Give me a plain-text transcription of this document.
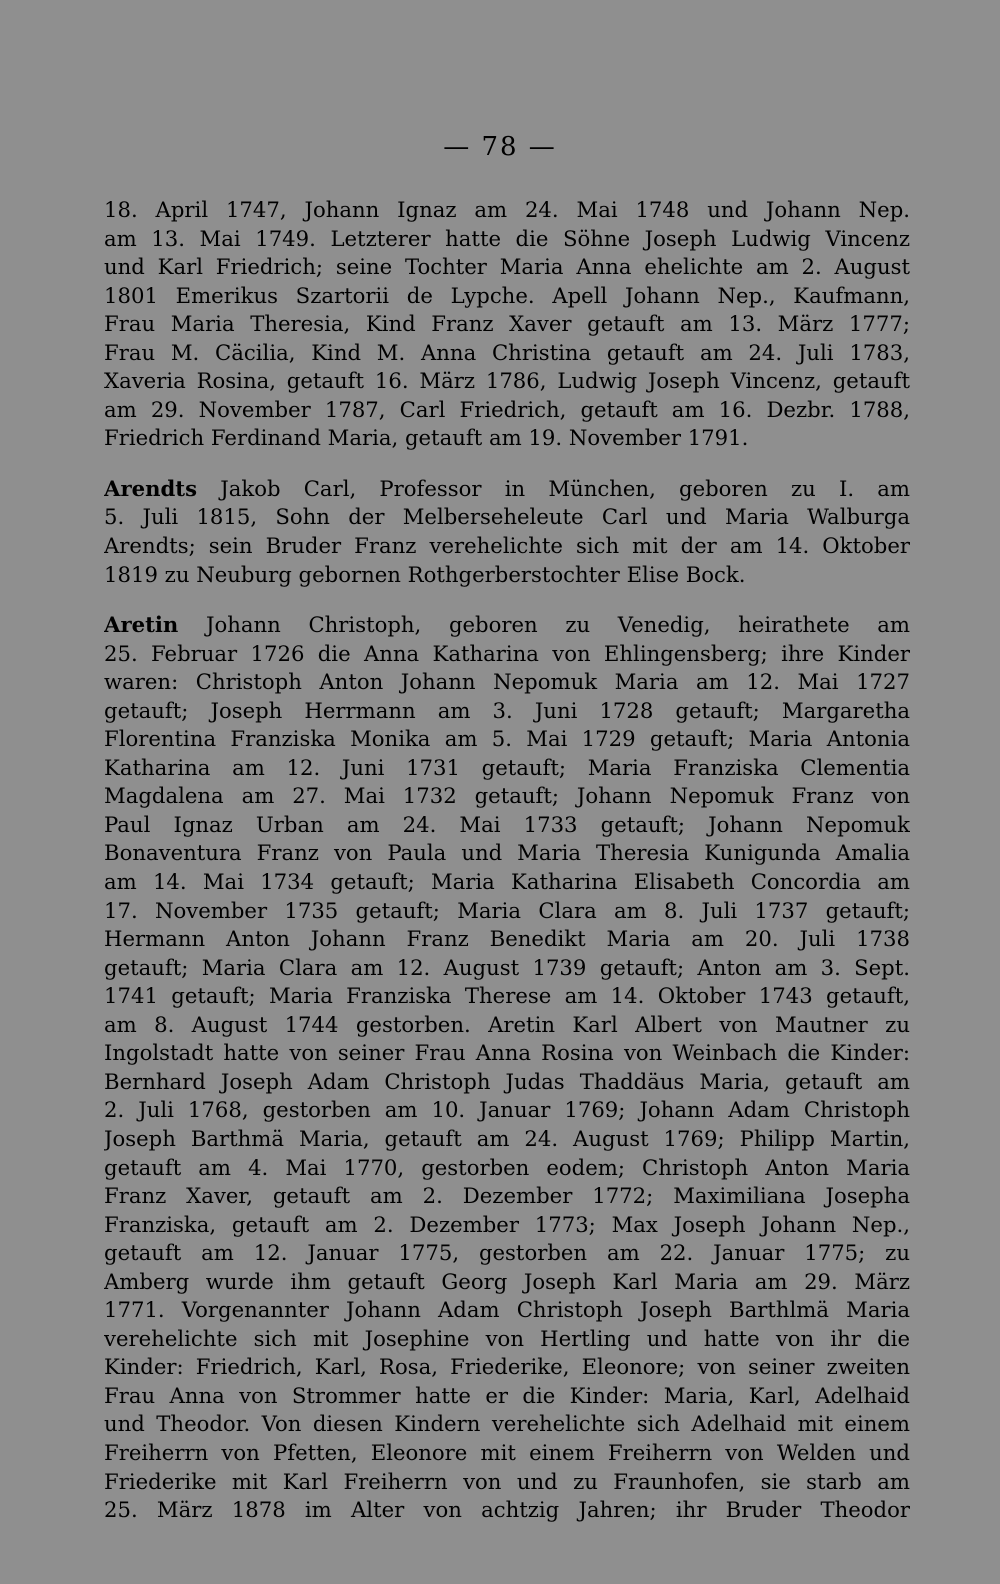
— 78 —
18. April 1747, Johann Ignaz am 24. Mai 1748 und Johann Nep.
am 13. Mai 1749. Letzterer hatte die Söhne Joseph Ludwig Vincenz
und Karl Friedrich; seine Tochter Maria Anna ehelichte am 2. August
1801 Emerikus Szartorii de Lypche. Apell Johann Nep., Kaufmann,
Frau Maria Theresia, Kind Franz Xaver getauft am 13. März 1777;
Frau M. Cäcilia, Kind M. Anna Christina getauft am 24. Juli 1783,
Xaveria Rosina, getauft 16. März 1786, Ludwig Joseph Vincenz, getauft
am 29. November 1787, Carl Friedrich, getauft am 16. Dezbr. 1788,
Friedrich Ferdinand Maria, getauft am 19. November 1791.
Arendts Jakob Carl, Professor in München, geboren zu I. am
5. Juli 1815, Sohn der Melberseheleute Carl und Maria Walburga
Arendts; sein Bruder Franz verehelichte sich mit der am 14. Oktober
1819 zu Neuburg gebornen Rothgerberstochter Elise Bock.
Aretin Johann Christoph, geboren zu Venedig, heirathete am
25. Februar 1726 die Anna Katharina von Ehlingensberg; ihre Kinder
waren: Christoph Anton Johann Nepomuk Maria am 12. Mai 1727
getauft; Joseph Herrmann am 3. Juni 1728 getauft; Margaretha
Florentina Franziska Monika am 5. Mai 1729 getauft; Maria Antonia
Katharina am 12. Juni 1731 getauft; Maria Franziska Clementia
Magdalena am 27. Mai 1732 getauft; Johann Nepomuk Franz von
Paul Ignaz Urban am 24. Mai 1733 getauft; Johann Nepomuk
Bonaventura Franz von Paula und Maria Theresia Kunigunda Amalia
am 14. Mai 1734 getauft; Maria Katharina Elisabeth Concordia am
17. November 1735 getauft; Maria Clara am 8. Juli 1737 getauft;
Hermann Anton Johann Franz Benedikt Maria am 20. Juli 1738
getauft; Maria Clara am 12. August 1739 getauft; Anton am 3. Sept.
1741 getauft; Maria Franziska Therese am 14. Oktober 1743 getauft,
am 8. August 1744 gestorben. Aretin Karl Albert von Mautner zu
Ingolstadt hatte von seiner Frau Anna Rosina von Weinbach die Kinder:
Bernhard Joseph Adam Christoph Judas Thaddäus Maria, getauft am
2. Juli 1768, gestorben am 10. Januar 1769; Johann Adam Christoph
Joseph Barthmä Maria, getauft am 24. August 1769; Philipp Martin,
getauft am 4. Mai 1770, gestorben eodem; Christoph Anton Maria
Franz Xaver, getauft am 2. Dezember 1772; Maximiliana Josepha
Franziska, getauft am 2. Dezember 1773; Max Joseph Johann Nep.,
getauft am 12. Januar 1775, gestorben am 22. Januar 1775; zu
Amberg wurde ihm getauft Georg Joseph Karl Maria am 29. März
1771. Vorgenannter Johann Adam Christoph Joseph Barthlmä Maria
verehelichte sich mit Josephine von Hertling und hatte von ihr die
Kinder: Friedrich, Karl, Rosa, Friederike, Eleonore; von seiner zweiten
Frau Anna von Strommer hatte er die Kinder: Maria, Karl, Adelhaid
und Theodor. Von diesen Kindern verehelichte sich Adelhaid mit einem
Freiherrn von Pfetten, Eleonore mit einem Freiherrn von Welden und
Friederike mit Karl Freiherrn von und zu Fraunhofen, sie starb am
25. März 1878 im Alter von achtzig Jahren; ihr Bruder Theodor
